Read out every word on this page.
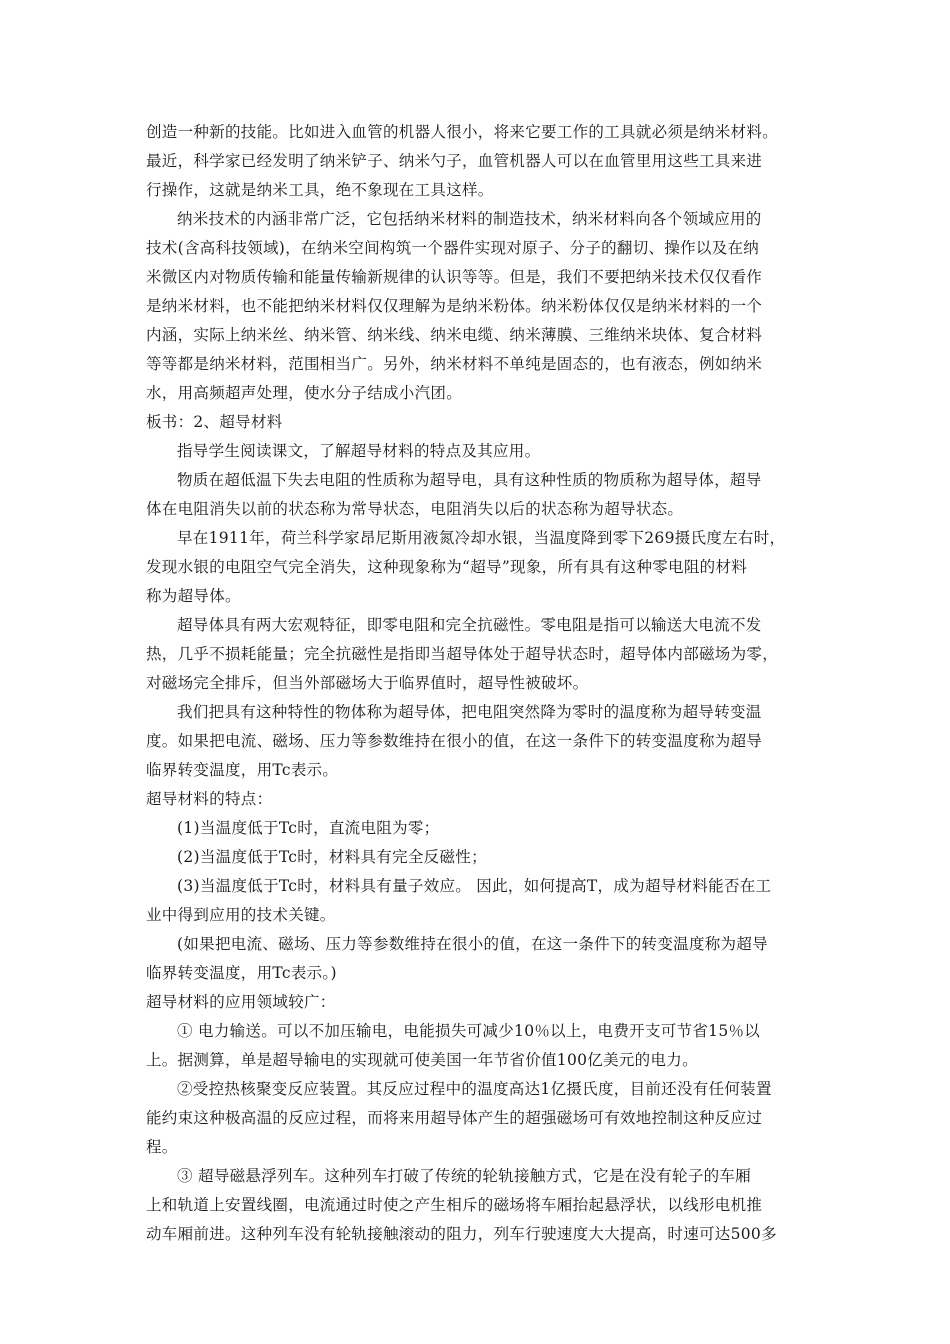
创造一种新的技能。比如进入血管的机器人很小，将来它要工作的工具就必须是纳米材料。
最近，科学家已经发明了纳米铲子、纳米勺子，血管机器人可以在血管里用这些工具来进
行操作，这就是纳米工具，绝不象现在工具这样。
纳米技术的内涵非常广泛，它包括纳米材料的制造技术，纳米材料向各个领域应用的
技术(含高科技领域)，在纳米空间构筑一个器件实现对原子、分子的翻切、操作以及在纳
米微区内对物质传输和能量传输新规律的认识等等。但是，我们不要把纳米技术仅仅看作
是纳米材料，也不能把纳米材料仅仅理解为是纳米粉体。纳米粉体仅仅是纳米材料的一个
内涵，实际上纳米丝、纳米管、纳米线、纳米电缆、纳米薄膜、三维纳米块体、复合材料
等等都是纳米材料，范围相当广。另外，纳米材料不单纯是固态的，也有液态，例如纳米
水，用高频超声处理，使水分子结成小汽团。
板书：2、超导材料
指导学生阅读课文，了解超导材料的特点及其应用。
物质在超低温下失去电阻的性质称为超导电，具有这种性质的物质称为超导体，超导
体在电阻消失以前的状态称为常导状态，电阻消失以后的状态称为超导状态。
早在1911年，荷兰科学家昂尼斯用液氮冷却水银，当温度降到零下269摄氏度左右时，
发现水银的电阻空气完全消失，这种现象称为“超导”现象，所有具有这种零电阻的材料
称为超导体。
超导体具有两大宏观特征，即零电阻和完全抗磁性。零电阻是指可以输送大电流不发
热，几乎不损耗能量；完全抗磁性是指即当超导体处于超导状态时，超导体内部磁场为零，
对磁场完全排斥，但当外部磁场大于临界值时，超导性被破坏。
我们把具有这种特性的物体称为超导体，把电阻突然降为零时的温度称为超导转变温
度。如果把电流、磁场、压力等参数维持在很小的值，在这一条件下的转变温度称为超导
临界转变温度，用Tc表示。
超导材料的特点：
(1)当温度低于Tc时，直流电阻为零；
(2)当温度低于Tc时，材料具有完全反磁性；
(3)当温度低于Tc时，材料具有量子效应。 因此，如何提高T，成为超导材料能否在工
业中得到应用的技术关键。
(如果把电流、磁场、压力等参数维持在很小的值，在这一条件下的转变温度称为超导
临界转变温度，用Tc表示。)
超导材料的应用领域较广：
① 电力输送。可以不加压输电，电能损失可减少10％以上，电费开支可节省15％以
上。据测算，单是超导输电的实现就可使美国一年节省价值100亿美元的电力。
②受控热核聚变反应装置。其反应过程中的温度高达1亿摄氏度，目前还没有任何装置
能约束这种极高温的反应过程，而将来用超导体产生的超强磁场可有效地控制这种反应过
程。
③ 超导磁悬浮列车。这种列车打破了传统的轮轨接触方式，它是在没有轮子的车厢
上和轨道上安置线圈，电流通过时使之产生相斥的磁场将车厢抬起悬浮状，以线形电机推
动车厢前进。这种列车没有轮轨接触滚动的阻力，列车行驶速度大大提高，时速可达500多
